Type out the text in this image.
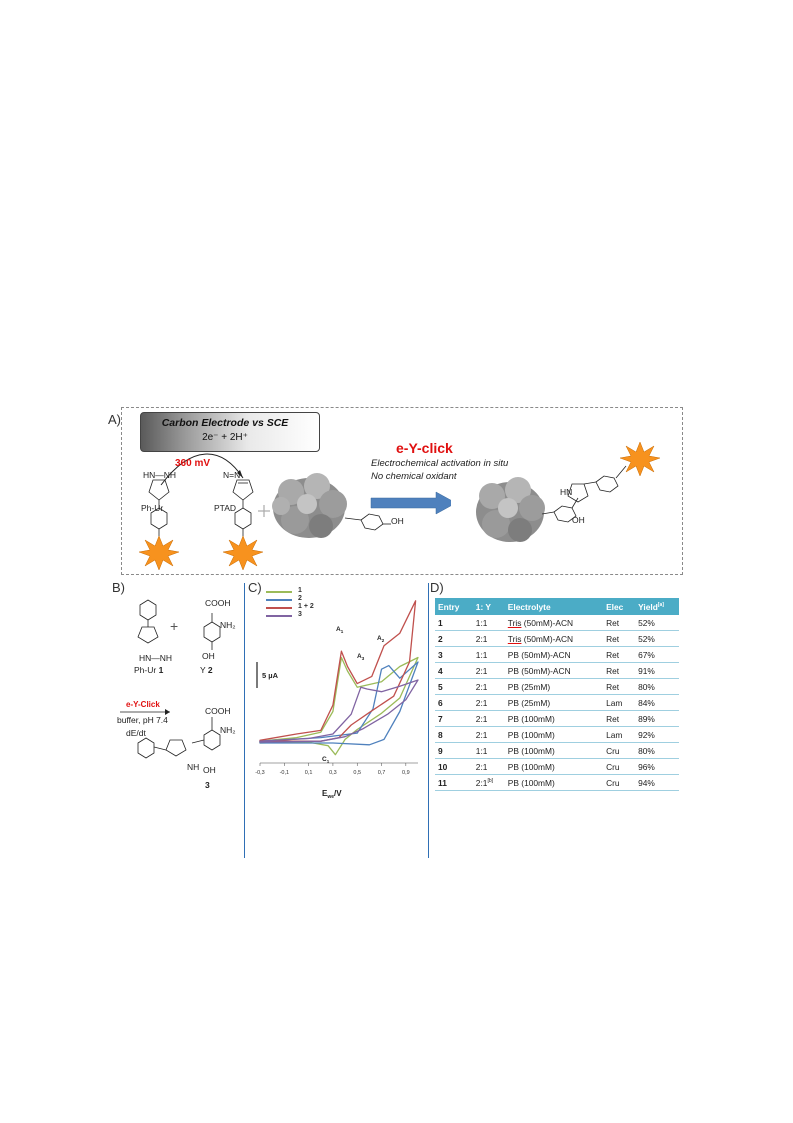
A)	Carbon Electrode vs SCE
2e⁻ + 2H⁺
360 mV
HN—NH
Ph-Ur
N=N
PTAD
OH
e-Y-click
Electrochemical activation in situ
No chemical oxidant
HN
OH
B)
HN—NH
Ph-Ur 1
+
COOH
NH₂
OH
Y 2
e-Y-Click
buffer, pH 7.4
dE/dt
COOH
NH₂
NH OH
3
C)	1
2
1 + 2
3
5 µA
-0,3	-0,1	0,1	0,3	0,5	0,7	0,9
$A_1$
$A_2$
$A_3$
$C_1$
$E_{we}/V$
D)
Entry	1: Y	Electrolyte	Elec	Yield[a]
1	1:1	Tris (50mM)-ACN	Ret	52%
2	2:1	Tris (50mM)-ACN	Ret	52%
3	1:1	PB (50mM)-ACN	Ret	67%
4	2:1	PB (50mM)-ACN	Ret	91%
5	2:1	PB (25mM)	Ret	80%
6	2:1	PB (25mM)	Lam	84%
7	2:1	PB (100mM)	Ret	89%
8	2:1	PB (100mM)	Lam	92%
9	1:1	PB (100mM)	Cru	80%
10	2:1	PB (100mM)	Cru	96%
11	2:1[b]	PB (100mM)	Cru	94%
